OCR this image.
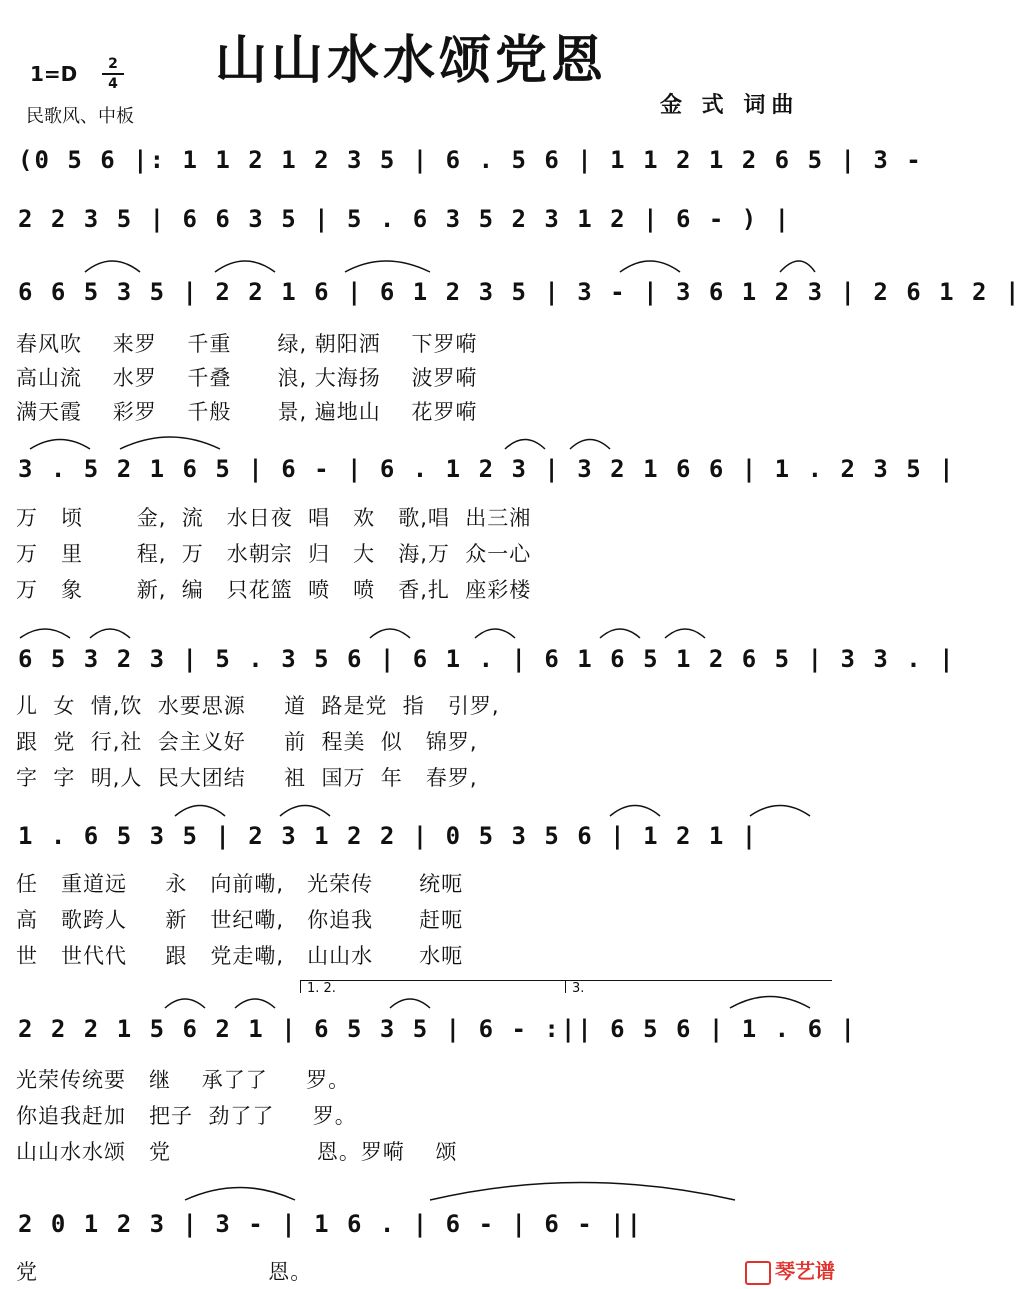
山山水水颂党恩
1=D	2
4
民歌风、中板	金 式 词曲
(0 5 6 |: 1 1 2 1 2 3 5 | 6 . 5 6 | 1 1 2 1 2 6 5 | 3 -
2 2 3 5 | 6 6 3 5 | 5 . 6 3 5 2 3 1 2 | 6 - ) |
6 6 5 3 5 | 2 2 1 6 | 6 1 2 3 5 | 3 - | 3 6 1 2 3 | 2 6 1 2 |
春风吹    来罗    千重      绿, 朝阳洒    下罗嗬
高山流    水罗    千叠      浪, 大海扬    波罗嗬
满天霞    彩罗    千般      景, 遍地山    花罗嗬
3 . 5 2 1 6 5 | 6 - | 6 . 1 2 3 | 3 2 1 6 6 | 1 . 2 3 5 |
万   顷       金,  流   水日夜  唱   欢   歌,唱  出三湘
万   里       程,  万   水朝宗  归   大   海,万  众一心
万   象       新,  编   只花篮  喷   喷   香,扎  座彩楼
6 5 3 2 3 | 5 . 3 5 6 | 6 1 . | 6 1 6 5 1 2 6 5 | 3 3 . |
儿  女  情,饮  水要思源     道  路是党  指   引罗,
跟  党  行,社  会主义好     前  程美  似   锦罗,
字  字  明,人  民大团结     祖  国万  年   春罗,
1 . 6 5 3 5 | 2 3 1 2 2 | 0 5 3 5 6 | 1 2 1 |
任   重道远     永   向前嘞,   光荣传      统呃
高   歌跨人     新   世纪嘞,   你追我      赶呃
世   世代代     跟   党走嘞,   山山水      水呃
1. 2.	3.
2 2 2 1 5 6 2 1 | 6 5 3 5 | 6 - :|| 6 5 6 | 1 . 6 |
光荣传统要   继    承了了     罗。
你追我赶加   把子  劲了了     罗。
山山水水颂   党                   恩。罗嗬    颂
2 0 1 2 3 | 3 - | 1 6 . | 6 - | 6 - ||
党                              恩。	琴艺谱
